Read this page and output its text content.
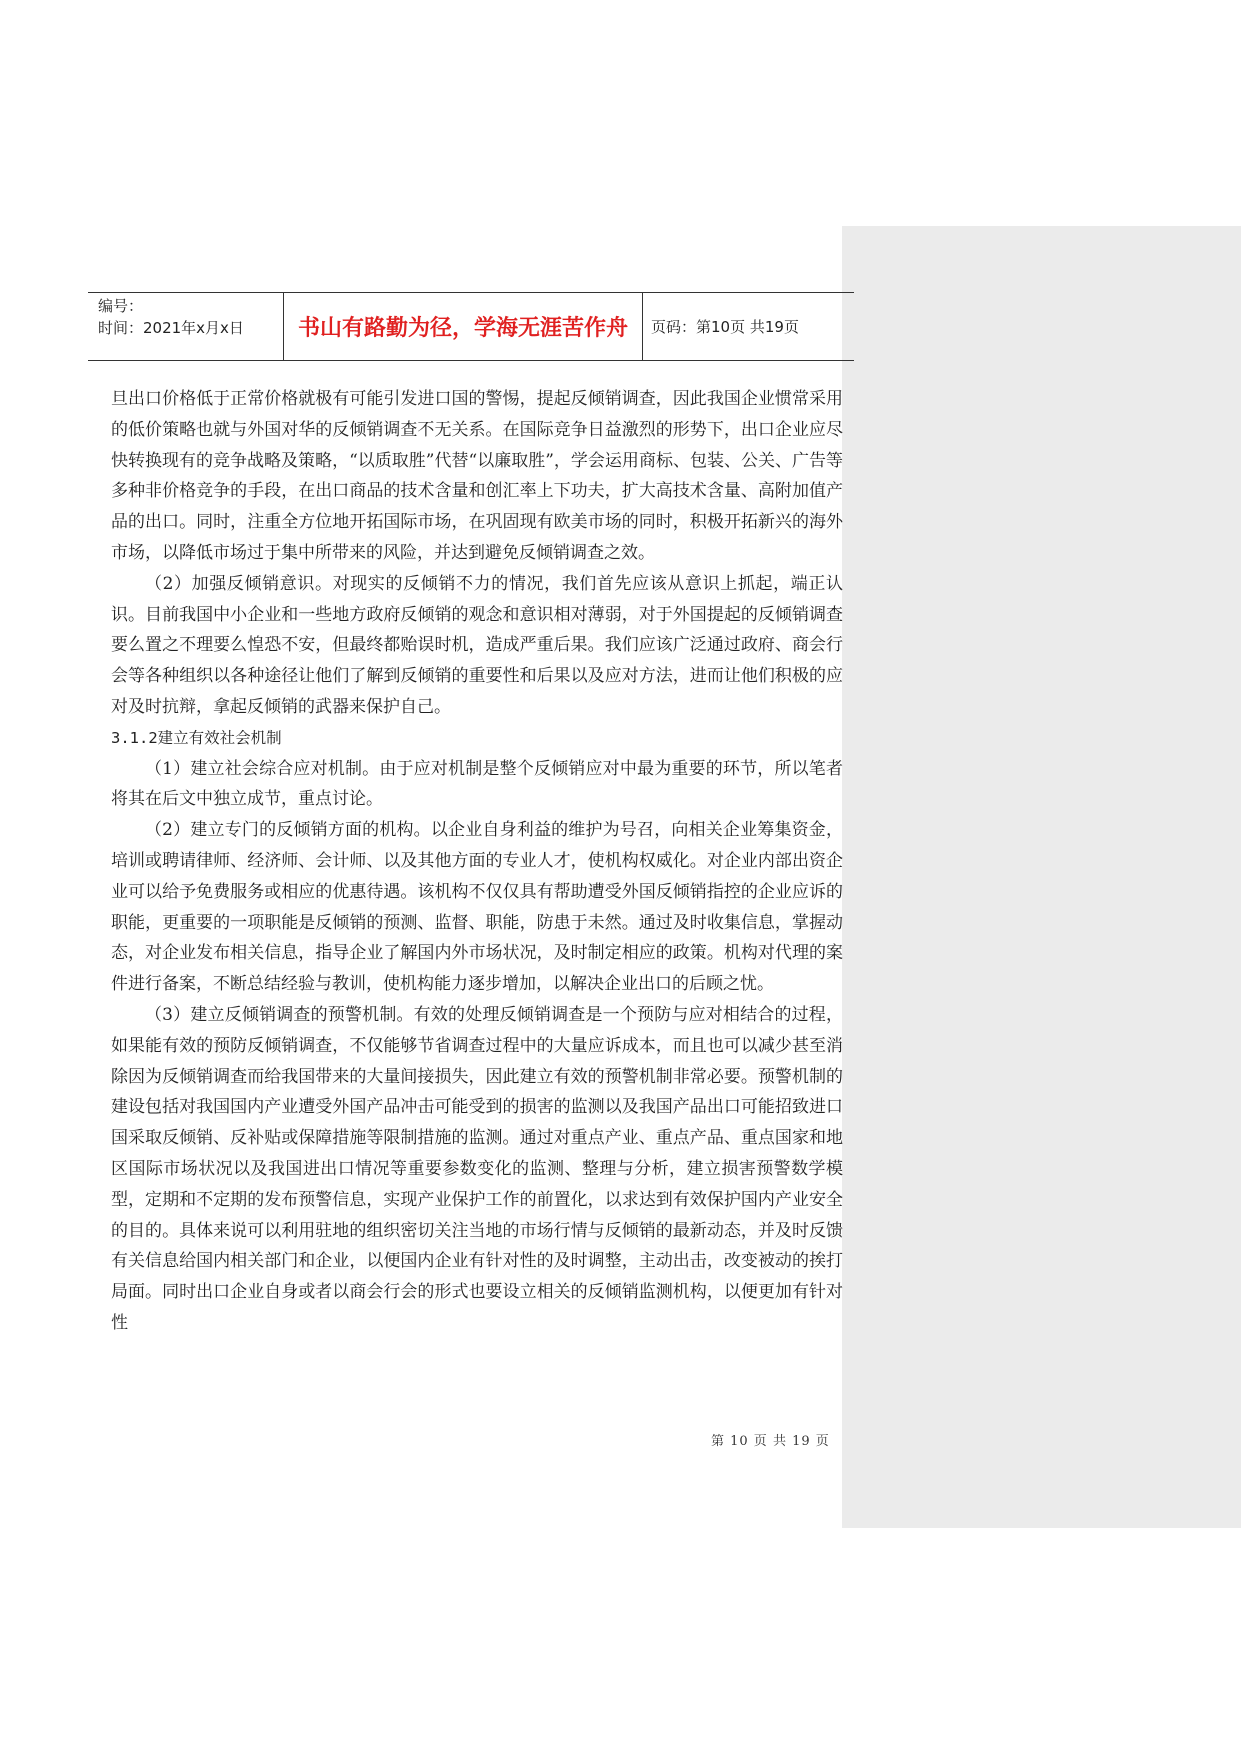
编号：
时间：2021年x月x日	书山有路勤为径，学海无涯苦作舟	页码：第10页 共19页

旦出口价格低于正常价格就极有可能引发进口国的警惕，提起反倾销调查，因此我国企业惯常采用的低价策略也就与外国对华的反倾销调查不无关系。在国际竞争日益激烈的形势下，出口企业应尽快转换现有的竞争战略及策略，“以质取胜”代替“以廉取胜”，学会运用商标、包装、公关、广告等多种非价格竞争的手段，在出口商品的技术含量和创汇率上下功夫，扩大高技术含量、高附加值产品的出口。同时，注重全方位地开拓国际市场，在巩固现有欧美市场的同时，积极开拓新兴的海外市场，以降低市场过于集中所带来的风险，并达到避免反倾销调查之效。

（2）加强反倾销意识。对现实的反倾销不力的情况，我们首先应该从意识上抓起，端正认识。目前我国中小企业和一些地方政府反倾销的观念和意识相对薄弱，对于外国提起的反倾销调查要么置之不理要么惶恐不安，但最终都贻误时机，造成严重后果。我们应该广泛通过政府、商会行会等各种组织以各种途径让他们了解到反倾销的重要性和后果以及应对方法，进而让他们积极的应对及时抗辩，拿起反倾销的武器来保护自己。

3.1.2建立有效社会机制

（1）建立社会综合应对机制。由于应对机制是整个反倾销应对中最为重要的环节，所以笔者将其在后文中独立成节，重点讨论。

（2）建立专门的反倾销方面的机构。以企业自身利益的维护为号召，向相关企业筹集资金，培训或聘请律师、经济师、会计师、以及其他方面的专业人才，使机构权威化。对企业内部出资企业可以给予免费服务或相应的优惠待遇。该机构不仅仅具有帮助遭受外国反倾销指控的企业应诉的职能，更重要的一项职能是反倾销的预测、监督、职能，防患于未然。通过及时收集信息，掌握动态，对企业发布相关信息，指导企业了解国内外市场状况，及时制定相应的政策。机构对代理的案件进行备案，不断总结经验与教训，使机构能力逐步增加，以解决企业出口的后顾之忧。

（3）建立反倾销调查的预警机制。有效的处理反倾销调查是一个预防与应对相结合的过程，如果能有效的预防反倾销调查，不仅能够节省调查过程中的大量应诉成本，而且也可以减少甚至消除因为反倾销调查而给我国带来的大量间接损失，因此建立有效的预警机制非常必要。预警机制的建设包括对我国国内产业遭受外国产品冲击可能受到的损害的监测以及我国产品出口可能招致进口国采取反倾销、反补贴或保障措施等限制措施的监测。通过对重点产业、重点产品、重点国家和地区国际市场状况以及我国进出口情况等重要参数变化的监测、整理与分析，建立损害预警数学模型，定期和不定期的发布预警信息，实现产业保护工作的前置化，以求达到有效保护国内产业安全的目的。具体来说可以利用驻地的组织密切关注当地的市场行情与反倾销的最新动态，并及时反馈有关信息给国内相关部门和企业，以便国内企业有针对性的及时调整，主动出击，改变被动的挨打局面。同时出口企业自身或者以商会行会的形式也要设立相关的反倾销监测机构，以便更加有针对性

第 10 页 共 19 页
